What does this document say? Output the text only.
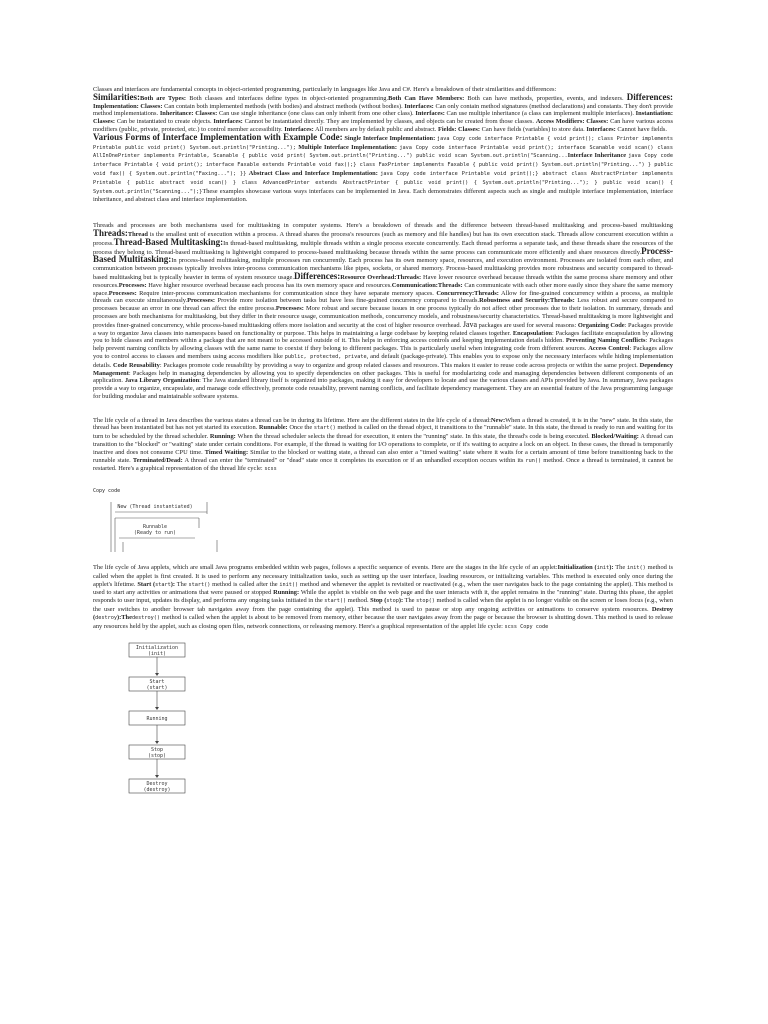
Classes and interfaces are fundamental concepts in object-oriented programming, particularly in languages like Java and C#. Here's a breakdown of their similarities and differences:
Similarities:Both are Types: Both classes and interfaces define types in object-oriented programming.Both Can Have Members: Both can have methods, properties, events, and indexers. Differences: Implementation: Classes: Can contain both implemented methods (with bodies) and abstract methods (without bodies). Interfaces: Can only contain method signatures (method declarations) and constants. They don't provide method implementations. Inheritance: Classes: Can use single inheritance (one class can only inherit from one other class). Interfaces: Can use multiple inheritance (a class can implement multiple interfaces). Instantiation: Classes: Can be instantiated to create objects. Interfaces: Cannot be instantiated directly. They are implemented by classes, and objects can be created from those classes. Access Modifiers: Classes: Can have various access modifiers (public, private, protected, etc.) to control member accessibility. Interfaces: All members are by default public and abstract. Fields: Classes: Can have fields (variables) to store data. Interfaces: Cannot have fields.
Various Forms of Interface Implementation with Example Code: Single Interface Implementation: java Copy code interface Printable { void print(); class Printer implements Printable public void print() System.out.println("Printing..."); Multiple Interface Implementation: java Copy code interface Printable void print(); interface Scanable void scan() class AllInOnePrinter implements Printable, Scanable { public void print( System.out.println("Printing...") public void scan System.out.println("Scanning...Interface Inheritance java Copy code interface Printable { void print(); interface Faxable extends Printable void fax();} class FaxPrinter implements Faxable { public void print() System.out.println("Printing...") } public void fax() { System.out.println("Faxing..."); }} Abstract Class and Interface Implementation: java Copy code interface Printable void print();} abstract class AbstractPrinter implements Printable { public abstract void scan() } class AdvancedPrinter extends AbstractPrinter { public void print() { System.out.println("Printing..."); } public void scan() { System.out.println("Scanning...");}These examples showcase various ways interfaces can be implemented in Java. Each demonstrates different aspects such as single and multiple interface implementation, interface inheritance, and abstract class and interface implementation.

Threads and processes are both mechanisms used for multitasking in computer systems. Here's a breakdown of threads and the difference between thread-based multitasking and process-based multitasking Threads:Thread is the smallest unit of execution within a process. A thread shares the process's resources (such as memory and file handles) but has its own execution stack. Threads allow concurrent execution within a process.Thread-Based Multitasking:In thread-based multitasking, multiple threads within a single process execute concurrently. Each thread performs a separate task, and these threads share the resources of the process they belong to. Thread-based multitasking is lightweight compared to process-based multitasking because threads within the same process can communicate more efficiently and share resources directly.Process-Based Multitasking:In process-based multitasking, multiple processes run concurrently. Each process has its own memory space, resources, and execution environment. Processes are isolated from each other, and communication between processes typically involves inter-process communication mechanisms like pipes, sockets, or shared memory. Process-based multitasking provides more robustness and security compared to thread-based multitasking but is typically heavier in terms of system resource usage.Differences:Resource Overhead:Threads: Have lower resource overhead because threads within the same process share memory and other resources.Processes: Have higher resource overhead because each process has its own memory space and resources.Communication:Threads: Can communicate with each other more easily since they share the same memory space.Processes: Require inter-process communication mechanisms for communication since they have separate memory spaces. Concurrency:Threads: Allow for fine-grained concurrency within a process, as multiple threads can execute simultaneously.Processes: Provide more isolation between tasks but have less fine-grained concurrency compared to threads.Robustness and Security:Threads: Less robust and secure compared to processes because an error in one thread can affect the entire process.Processes: More robust and secure because issues in one process typically do not affect other processes due to their isolation. In summary, threads and processes are both mechanisms for multitasking, but they differ in their resource usage, communication methods, concurrency models, and robustness/security characteristics. Thread-based multitasking is more lightweight and provides finer-grained concurrency, while process-based multitasking offers more isolation and security at the cost of higher resource overhead. Java packages are used for several reasons: Organizing Code: Packages provide a way to organize Java classes into namespaces based on functionality or purpose. This helps in maintaining a large codebase by keeping related classes together. Encapsulation: Packages facilitate encapsulation by allowing you to hide classes and members within a package that are not meant to be accessed outside of it. This helps in enforcing access controls and keeping implementation details hidden. Preventing Naming Conflicts: Packages help prevent naming conflicts by allowing classes with the same name to coexist if they belong to different packages. This is particularly useful when integrating code from different sources. Access Control: Packages allow you to control access to classes and members using access modifiers like public, protected, private, and default (package-private). This enables you to expose only the necessary interfaces while hiding implementation details. Code Reusability: Packages promote code reusability by providing a way to organize and group related classes and resources. This makes it easier to reuse code across projects or within the same project. Dependency Management: Packages help in managing dependencies by allowing you to specify dependencies on other packages. This is useful for modularizing code and managing dependencies between different components of an application. Java Library Organization: The Java standard library itself is organized into packages, making it easy for developers to locate and use the various classes and APIs provided by Java. In summary, Java packages provide a way to organize, encapsulate, and manage code effectively, promote code reusability, prevent naming conflicts, and facilitate dependency management. They are an essential feature of the Java programming language for building modular and maintainable software systems.

The life cycle of a thread in Java describes the various states a thread can be in during its lifetime. Here are the different states in the life cycle of a thread:New:When a thread is created, it is in the "new" state. In this state, the thread has been instantiated but has not yet started its execution. Runnable: Once the start() method is called on the thread object, it transitions to the "runnable" state. In this state, the thread is ready to run and waiting for its turn to be scheduled by the thread scheduler. Running: When the thread scheduler selects the thread for execution, it enters the "running" state. In this state, the thread's code is being executed. Blocked/Waiting: A thread can transition to the "blocked" or "waiting" state under certain conditions. For example, if the thread is waiting for I/O operations to complete, or if it's waiting to acquire a lock on an object. In these cases, the thread is temporarily inactive and does not consume CPU time. Timed Waiting: Similar to the blocked or waiting state, a thread can also enter a "timed waiting" state where it waits for a certain amount of time before transitioning back to the runnable state. Terminated/Dead: A thread can enter the "terminated" or "dead" state once it completes its execution or if an unhandled exception occurs within its run() method. Once a thread is terminated, it cannot be restarted. Here's a graphical representation of the thread life cycle: scss

Copy code
New (Thread instantiated)
Runnable
(Ready to run)

The life cycle of Java applets, which are small Java programs embedded within web pages, follows a specific sequence of events. Here are the stages in the life cycle of an applet:Initialization (init): The init() method is called when the applet is first created. It is used to perform any necessary initialization tasks, such as setting up the user interface, loading resources, or initializing variables. This method is executed only once during the applet's lifetime. Start (start): The start() method is called after the init() method and whenever the applet is revisited or reactivated (e.g., when the user navigates back to the page containing the applet). This method is used to start any activities or animations that were paused or stopped Running: While the applet is visible on the web page and the user interacts with it, the applet remains in the "running" state. During this phase, the applet responds to user input, updates its display, and performs any ongoing tasks initiated in the start() method. Stop (stop): The stop() method is called when the applet is no longer visible on the screen or loses focus (e.g., when the user switches to another browser tab navigates away from the page containing the applet). This method is used to pause or stop any ongoing activities or animations to conserve system resources. Destroy (destroy):Thedestroy() method is called when the applet is about to be removed from memory, either because the user navigates away from the page or because the browser is shutting down. This method is used to release any resources held by the applet, such as closing open files, network connections, or releasing memory. Here's a graphical representation of the applet life cycle: scss Copy code

Initialization
(init)
Start
(start)
Running
Stop
(stop)
Destroy
(destroy)
